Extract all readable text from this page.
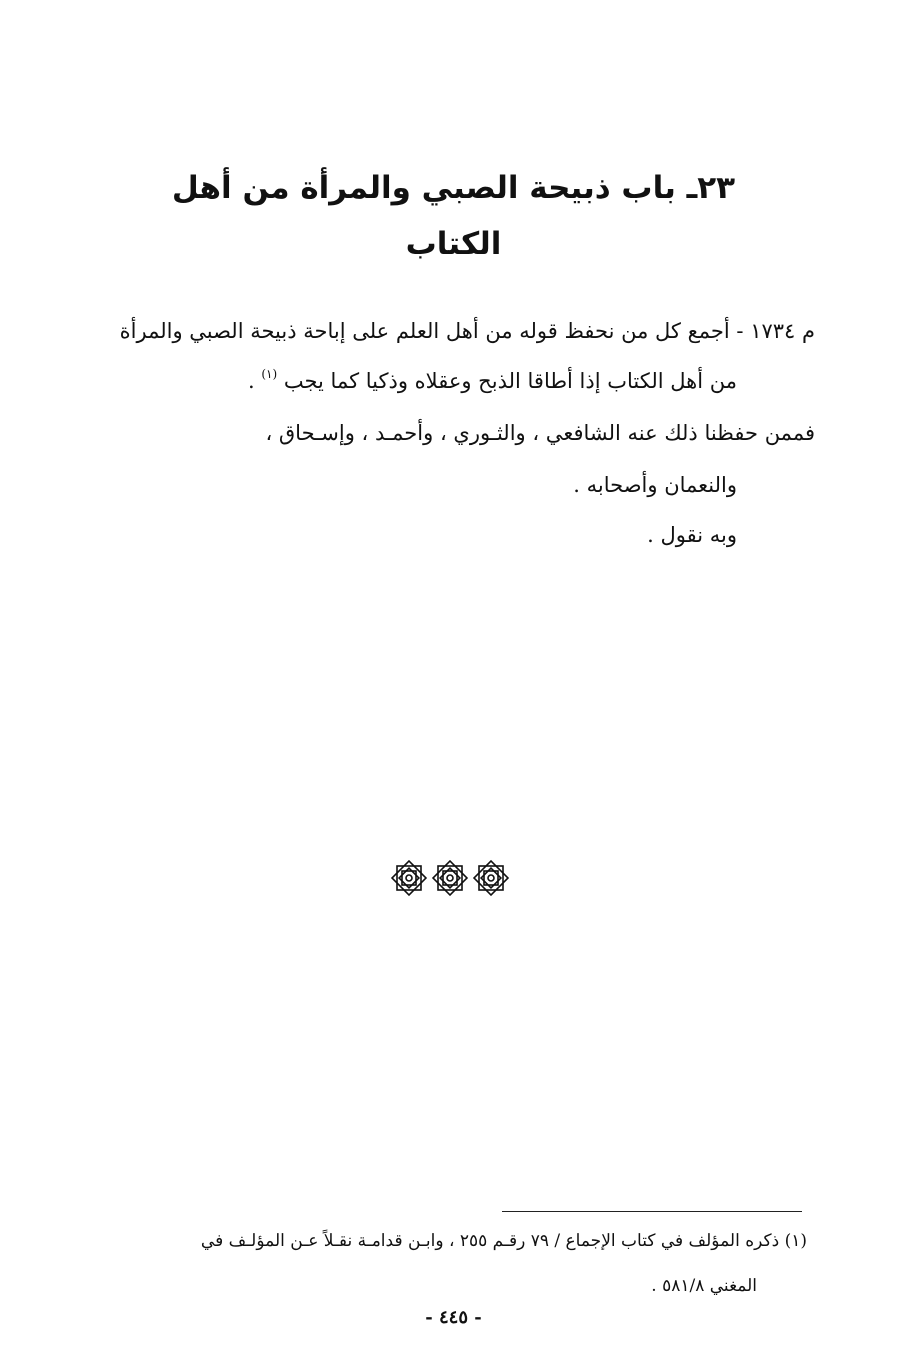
٢٣ـ باب ذبيحة الصبي والمرأة من أهل الكتاب

م ١٧٣٤ - أجمع كل من نحفظ قوله من أهل العلم على إباحة ذبيحة الصبي والمرأة

من أهل الكتاب إذا أطاقا الذبح وعقلاه وذكيا كما يجب $^{(١)}$ .

فممن حفظنا ذلك عنه الشافعي ، والثـوري ، وأحمـد ، وإسـحاق ،

والنعمان وأصحابه .

وبه نقول .

(١) ذكره المؤلف في كتاب الإجماع / ٧٩ رقـم ٢٥٥ ، وابـن قدامـة نقـلاً عـن المؤلـف في

المغني ٥٨١/٨ .

- ٤٤٥ -
